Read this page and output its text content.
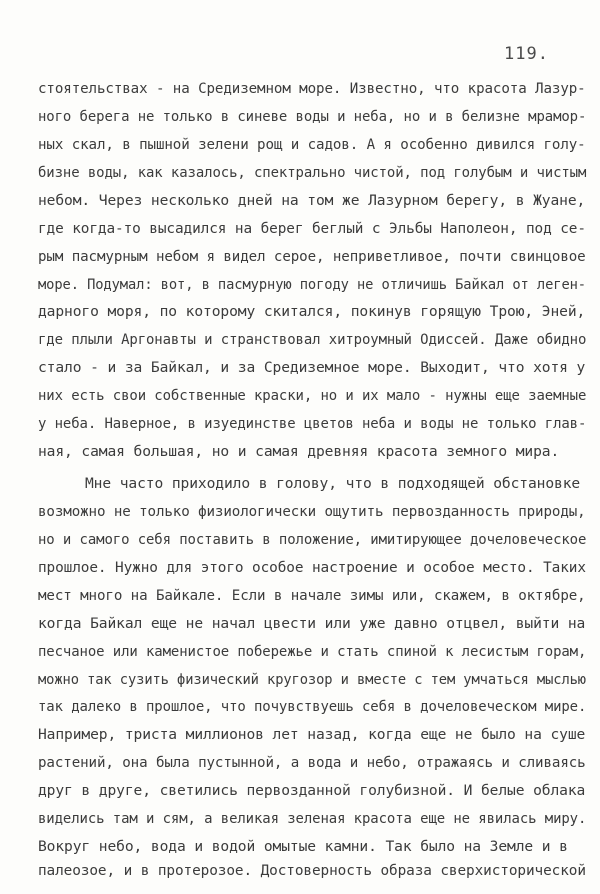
119.
стоятельствах - на Средиземном море. Известно, что красота Лазур-
ного берега не только в синеве воды и неба, но и в белизне мрамор-
ных скал, в пышной зелени рощ и садов. А я особенно дивился голу-
бизне воды, как казалось, спектрально чистой, под голубым и чистым
небом. Через несколько дней на том же Лазурном берегу, в Жуане,
где когда-то высадился на берег беглый с Эльбы Наполеон, под се-
рым пасмурным небом я видел серое, неприветливое, почти свинцовое
море. Подумал: вот, в пасмурную погоду не отличишь Байкал от леген-
дарного моря, по которому скитался, покинув горящую Трою, Эней,
где плыли Аргонавты и странствовал хитроумный Одиссей. Даже обидно
стало - и за Байкал, и за Средиземное море. Выходит, что хотя у
них есть свои собственные краски, но и их мало - нужны еще заемные
у неба. Наверное, в изуединстве цветов неба и воды не только глав-
ная, самая большая, но и самая древняя красота земного мира.
Мне часто приходило в голову, что в подходящей обстановке
возможно не только физиологически ощутить первозданность природы,
но и самого себя поставить в положение, имитирующее дочеловеческое
прошлое. Нужно для этого особое настроение и особое место. Таких
мест много на Байкале. Если в начале зимы или, скажем, в октябре,
когда Байкал еще не начал цвести или уже давно отцвел, выйти на
песчаное или каменистое побережье и стать спиной к лесистым горам,
можно так сузить физический кругозор и вместе с тем умчаться мыслью
так далеко в прошлое, что почувствуешь себя в дочеловеческом мире.
Например, триста миллионов лет назад, когда еще не было на суше
растений, она была пустынной, а вода и небо, отражаясь и сливаясь
друг в друге, светились первозданной голубизной. И белые облака
виделись там и сям, а великая зеленая красота еще не явилась миру.
Вокруг небо, вода и водой омытые камни. Так было на Земле и в
палеозое, и в протерозое. Достоверность образа сверхисторической
